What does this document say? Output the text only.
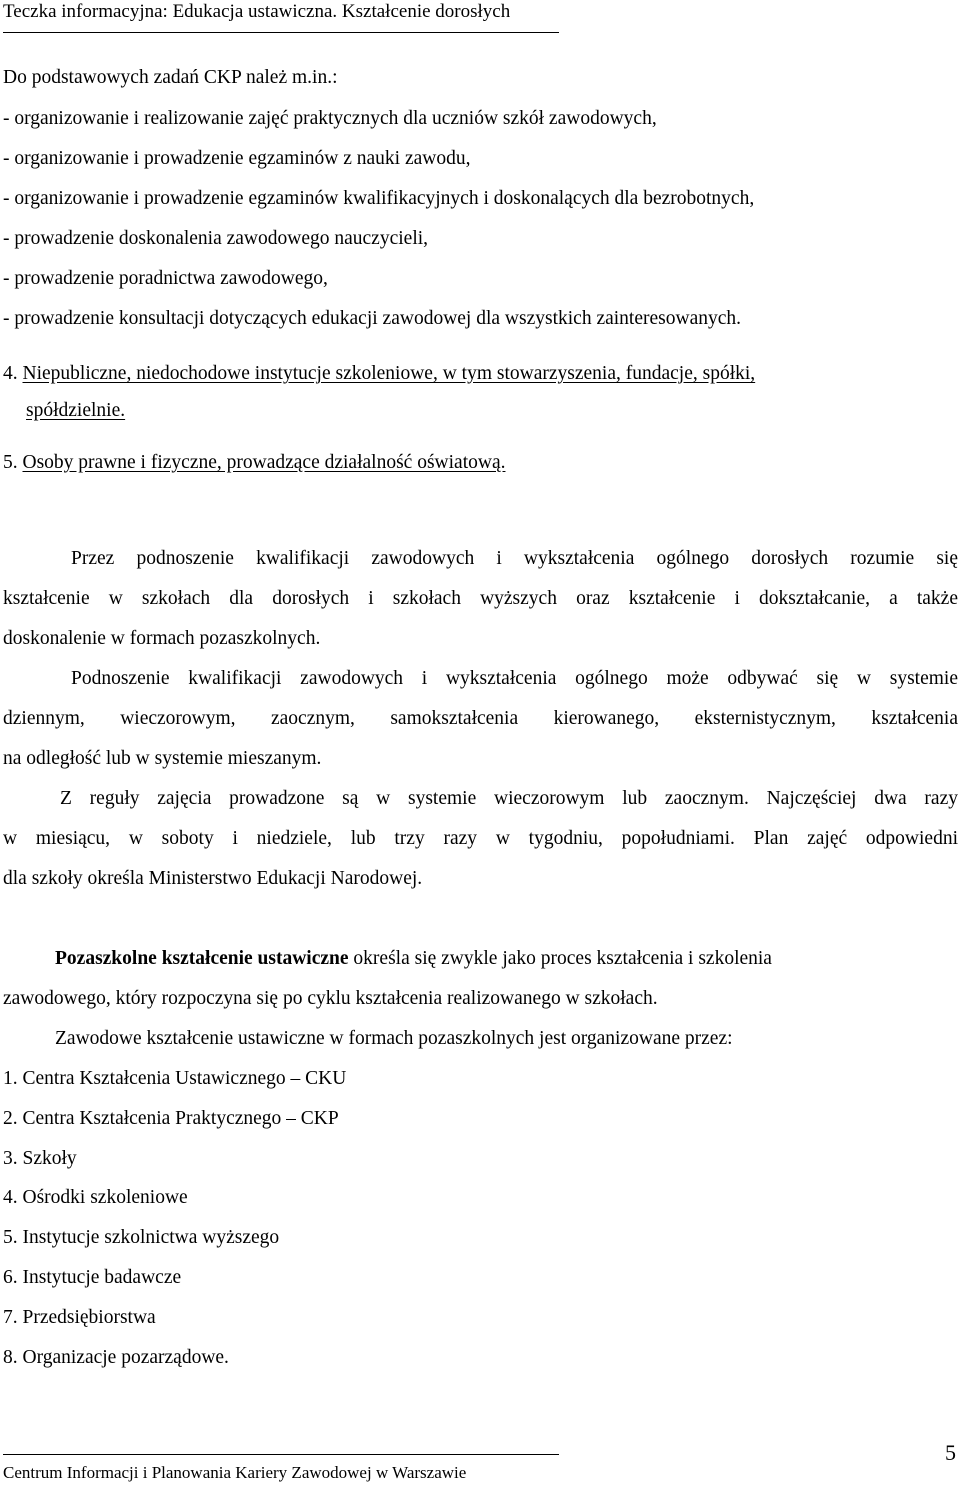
Teczka informacyjna: Edukacja ustawiczna. Kształcenie dorosłych
Do podstawowych zadań CKP należ m.in.:
- organizowanie i realizowanie zajęć praktycznych dla uczniów szkół zawodowych,
- organizowanie i prowadzenie egzaminów z nauki zawodu,
- organizowanie i prowadzenie egzaminów kwalifikacyjnych i doskonalących dla bezrobotnych,
- prowadzenie doskonalenia zawodowego nauczycieli,
- prowadzenie poradnictwa zawodowego,
- prowadzenie konsultacji dotyczących edukacji zawodowej dla wszystkich zainteresowanych.
4. Niepubliczne, niedochodowe instytucje szkoleniowe, w tym stowarzyszenia, fundacje, spółki,
spółdzielnie.
5. Osoby prawne i fizyczne, prowadzące działalność oświatową.
Przez podnoszenie kwalifikacji zawodowych i wykształcenia ogólnego dorosłych rozumie się
kształcenie w szkołach dla dorosłych i szkołach wyższych oraz kształcenie i dokształcanie, a także
doskonalenie w formach pozaszkolnych.
Podnoszenie kwalifikacji zawodowych i wykształcenia ogólnego może odbywać się w systemie
dziennym, wieczorowym, zaocznym, samokształcenia kierowanego, eksternistycznym, kształcenia
na odległość lub w systemie mieszanym.
Z reguły zajęcia prowadzone są w systemie wieczorowym lub zaocznym. Najczęściej dwa razy
w miesiącu, w soboty i niedziele, lub trzy razy w tygodniu, popołudniami. Plan zajęć odpowiedni
dla szkoły określa Ministerstwo Edukacji Narodowej.
Pozaszkolne kształcenie ustawiczne określa się zwykle jako proces kształcenia i szkolenia
zawodowego, który rozpoczyna się po cyklu kształcenia realizowanego w szkołach.
Zawodowe kształcenie ustawiczne w formach pozaszkolnych jest organizowane przez:
1. Centra Kształcenia Ustawicznego – CKU
2. Centra Kształcenia Praktycznego – CKP
3. Szkoły
4. Ośrodki szkoleniowe
5. Instytucje szkolnictwa wyższego
6. Instytucje badawcze
7. Przedsiębiorstwa
8. Organizacje pozarządowe.
Centrum Informacji i Planowania Kariery Zawodowej w Warszawie
5
